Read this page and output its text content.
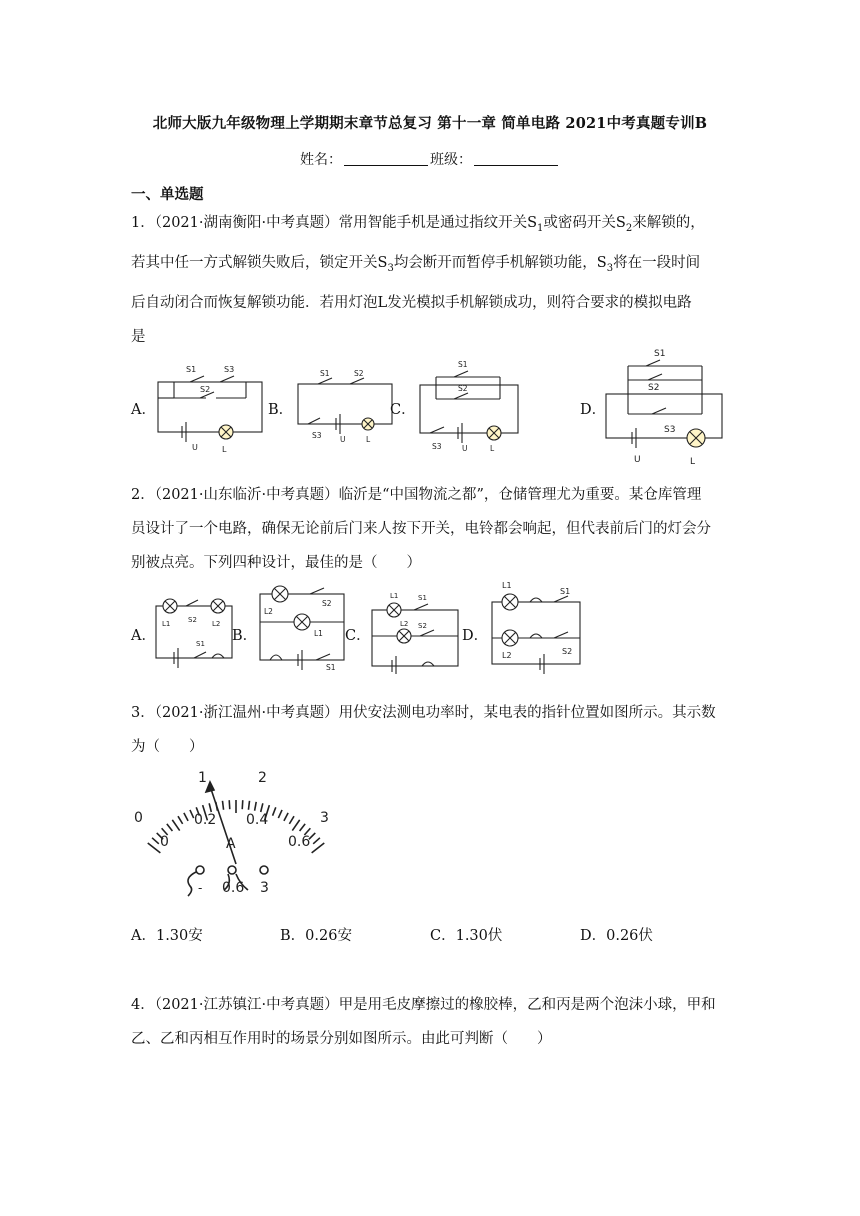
北师大版九年级物理上学期期末章节总复习 第十一章 简单电路 2021中考真题专训B
姓名：	班级：
一、单选题
1．（2021·湖南衡阳·中考真题）常用智能手机是通过指纹开关$S_1$或密码开关$S_2$来解锁的，
若其中任一方式解锁失败后，锁定开关$S_3$均会断开而暂停手机解锁功能，$S_3$将在一段时间
后自动闭合而恢复解锁功能．若用灯泡L发光模拟手机解锁成功，则符合要求的模拟电路
是
A．	B．	C．	D．
S1	S3
S2
U	L
S1	S2
S3 U	L
S1
S2
S3	U	L
S1
S2
S3
U	L
2．（2021·山东临沂·中考真题）临沂是“中国物流之都”，仓储管理尤为重要。某仓库管理
员设计了一个电路，确保无论前后门来人按下开关，电铃都会响起，但代表前后门的灯会分
别被点亮。下列四种设计，最佳的是（　　）
A．	B．	C．	D．
L1	S2 L2
S1
L2
S2
L1
S1
L1	S1
L2 S2
L1
S1
L2	S2
3．（2021·浙江温州·中考真题）用伏安法测电功率时，某电表的指针位置如图所示。其示数
为（　　）
0
1	2
3
0
0.2 0.4
0.6
A
- 0.6 3
A．1.30安	B．0.26安	C．1.30伏	D．0.26伏
4．（2021·江苏镇江·中考真题）甲是用毛皮摩擦过的橡胶棒，乙和丙是两个泡沫小球，甲和
乙、乙和丙相互作用时的场景分别如图所示。由此可判断（　　）
